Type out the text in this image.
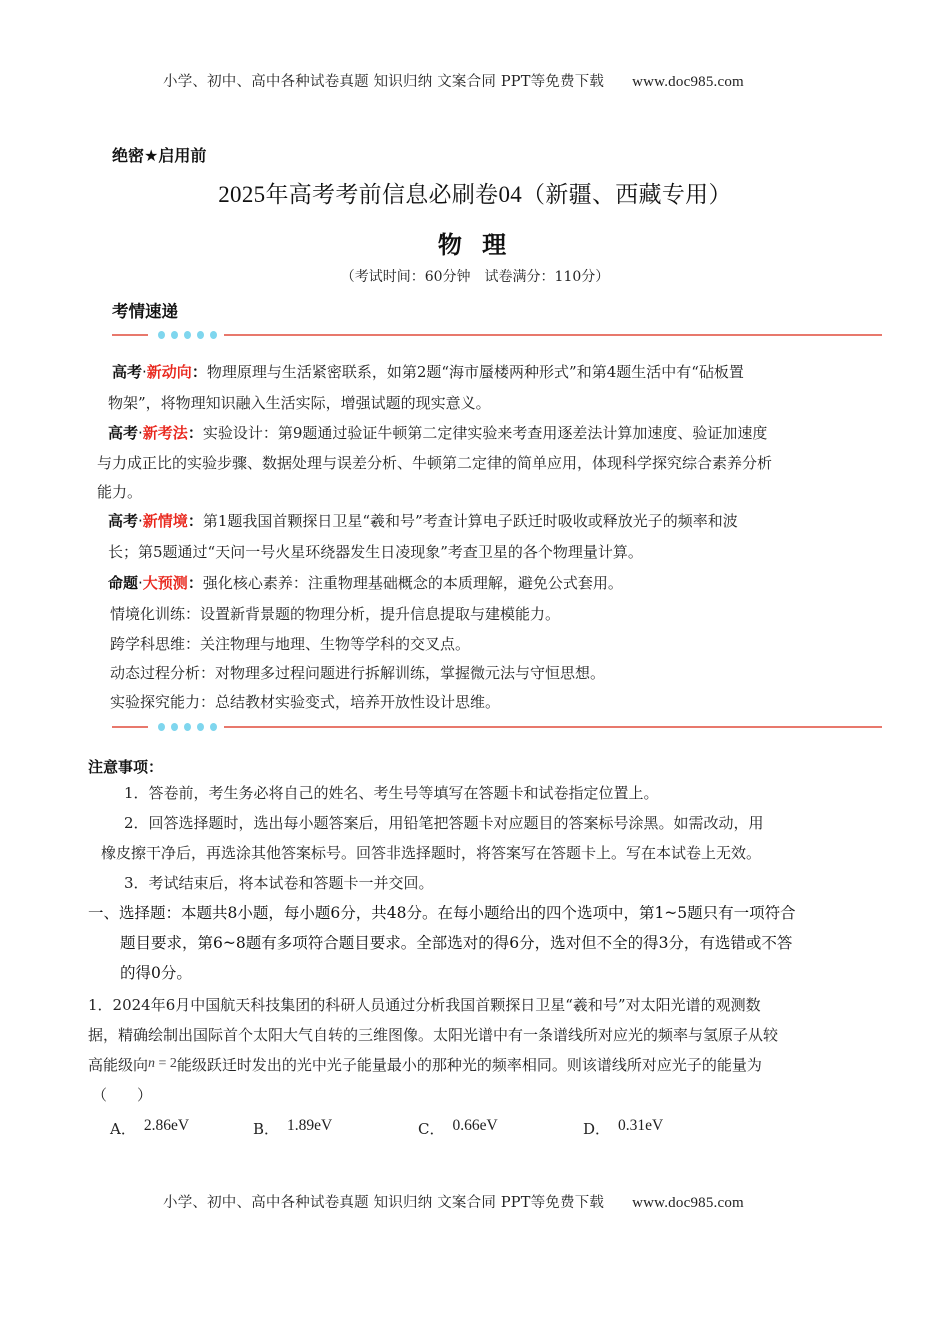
小学、初中、高中各种试卷真题 知识归纳 文案合同 PPT等免费下载 www.doc985.com
绝密★启用前
2025年高考考前信息必刷卷04（新疆、西藏专用）
物 理
（考试时间：60分钟　试卷满分：110分）
考情速递
高考·新动向：物理原理与生活紧密联系，如第2题“海市蜃楼两种形式”和第4题生活中有“砧板置
物架”，将物理知识融入生活实际，增强试题的现实意义。
高考·新考法：实验设计：第9题通过验证牛顿第二定律实验来考查用逐差法计算加速度、验证加速度
与力成正比的实验步骤、数据处理与误差分析、牛顿第二定律的简单应用，体现科学探究综合素养分析
能力。
高考·新情境：第1题我国首颗探日卫星“羲和号”考查计算电子跃迁时吸收或释放光子的频率和波
长；第5题通过“天问一号火星环绕器发生日凌现象”考查卫星的各个物理量计算。
命题·大预测：强化核心素养：注重物理基础概念的本质理解，避免公式套用。
情境化训练：设置新背景题的物理分析，提升信息提取与建模能力。
跨学科思维：关注物理与地理、生物等学科的交叉点。
动态过程分析：对物理多过程问题进行拆解训练，掌握微元法与守恒思想。
实验探究能力：总结教材实验变式，培养开放性设计思维。
注意事项：
1．答卷前，考生务必将自己的姓名、考生号等填写在答题卡和试卷指定位置上。
2．回答选择题时，选出每小题答案后，用铅笔把答题卡对应题目的答案标号涂黑。如需改动，用
橡皮擦干净后，再选涂其他答案标号。回答非选择题时，将答案写在答题卡上。写在本试卷上无效。
3．考试结束后，将本试卷和答题卡一并交回。
一、选择题：本题共8小题，每小题6分，共48分。在每小题给出的四个选项中，第1~5题只有一项符合
题目要求，第6~8题有多项符合题目要求。全部选对的得6分，选对但不全的得3分，有选错或不答
的得0分。
1．2024年6月中国航天科技集团的科研人员通过分析我国首颗探日卫星“羲和号”对太阳光谱的观测数
据，精确绘制出国际首个太阳大气自转的三维图像。太阳光谱中有一条谱线所对应光的频率与氢原子从较
高能级向n = 2能级跃迁时发出的光中光子能量最小的那种光的频率相同。则该谱线所对应光子的能量为
（　　）
A． 2.86eV	B． 1.89eV	C． 0.66eV	D． 0.31eV
小学、初中、高中各种试卷真题 知识归纳 文案合同 PPT等免费下载 www.doc985.com
